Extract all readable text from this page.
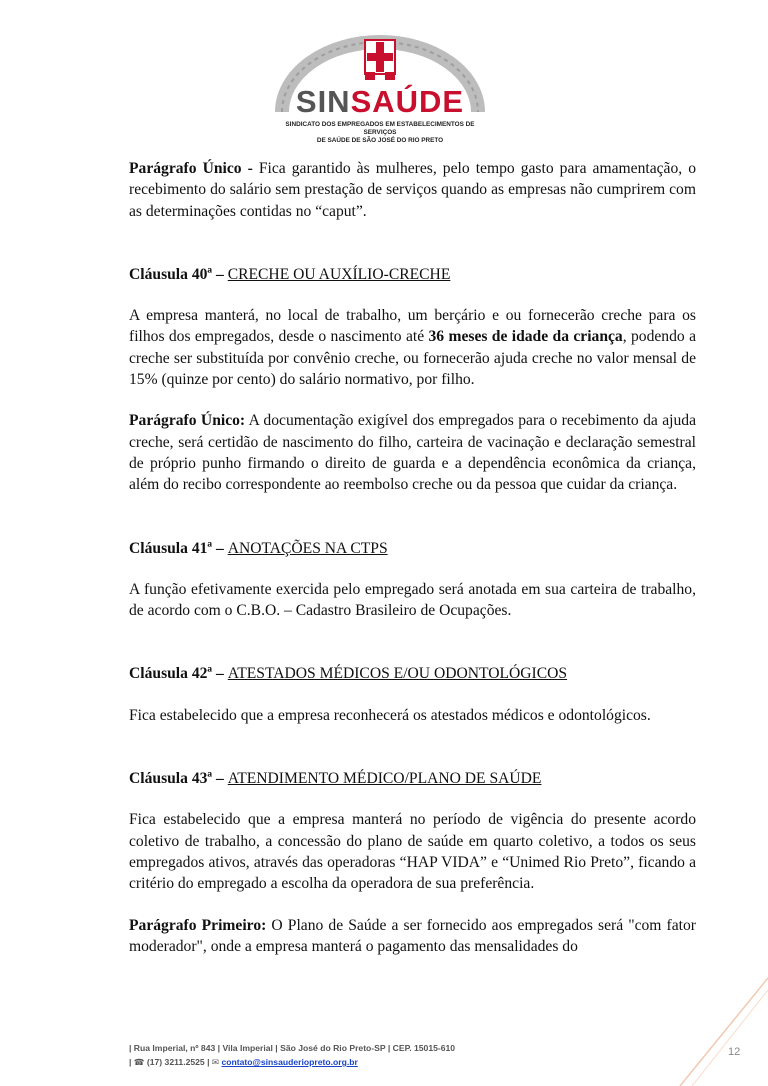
SINSAÚDE
SINDICATO DOS EMPREGADOS EM ESTABELECIMENTOS DE SERVIÇOS
DE SAÚDE DE SÃO JOSÉ DO RIO PRETO

Parágrafo Único - Fica garantido às mulheres, pelo tempo gasto para amamentação, o recebimento do salário sem prestação de serviços quando as empresas não cumprirem com as determinações contidas no “caput”.

Cláusula 40ª – CRECHE OU AUXÍLIO-CRECHE

A empresa manterá, no local de trabalho, um berçário e ou fornecerão creche para os filhos dos empregados, desde o nascimento até 36 meses de idade da criança, podendo a creche ser substituída por convênio creche, ou fornecerão ajuda creche no valor mensal de 15% (quinze por cento) do salário normativo, por filho.

Parágrafo Único: A documentação exigível dos empregados para o recebimento da ajuda creche, será certidão de nascimento do filho, carteira de vacinação e declaração semestral de próprio punho firmando o direito de guarda e a dependência econômica da criança, além do recibo correspondente ao reembolso creche ou da pessoa que cuidar da criança.

Cláusula 41ª – ANOTAÇÕES NA CTPS

A função efetivamente exercida pelo empregado será anotada em sua carteira de trabalho, de acordo com o C.B.O. – Cadastro Brasileiro de Ocupações.

Cláusula 42ª – ATESTADOS MÉDICOS E/OU ODONTOLÓGICOS

Fica estabelecido que a empresa reconhecerá os atestados médicos e odontológicos.

Cláusula 43ª – ATENDIMENTO MÉDICO/PLANO DE SAÚDE

Fica estabelecido que a empresa manterá no período de vigência do presente acordo coletivo de trabalho, a concessão do plano de saúde em quarto coletivo, a todos os seus empregados ativos, através das operadoras “HAP VIDA” e “Unimed Rio Preto”, ficando a critério do empregado a escolha da operadora de sua preferência.

Parágrafo Primeiro: O Plano de Saúde a ser fornecido aos empregados será "com fator moderador", onde a empresa manterá o pagamento das mensalidades do

| Rua Imperial, nº 843 | Vila Imperial | São José do Rio Preto-SP | CEP. 15015-610
| ☎ (17) 3211.2525 | ✉ contato@sinsauderiopreto.org.br
12
